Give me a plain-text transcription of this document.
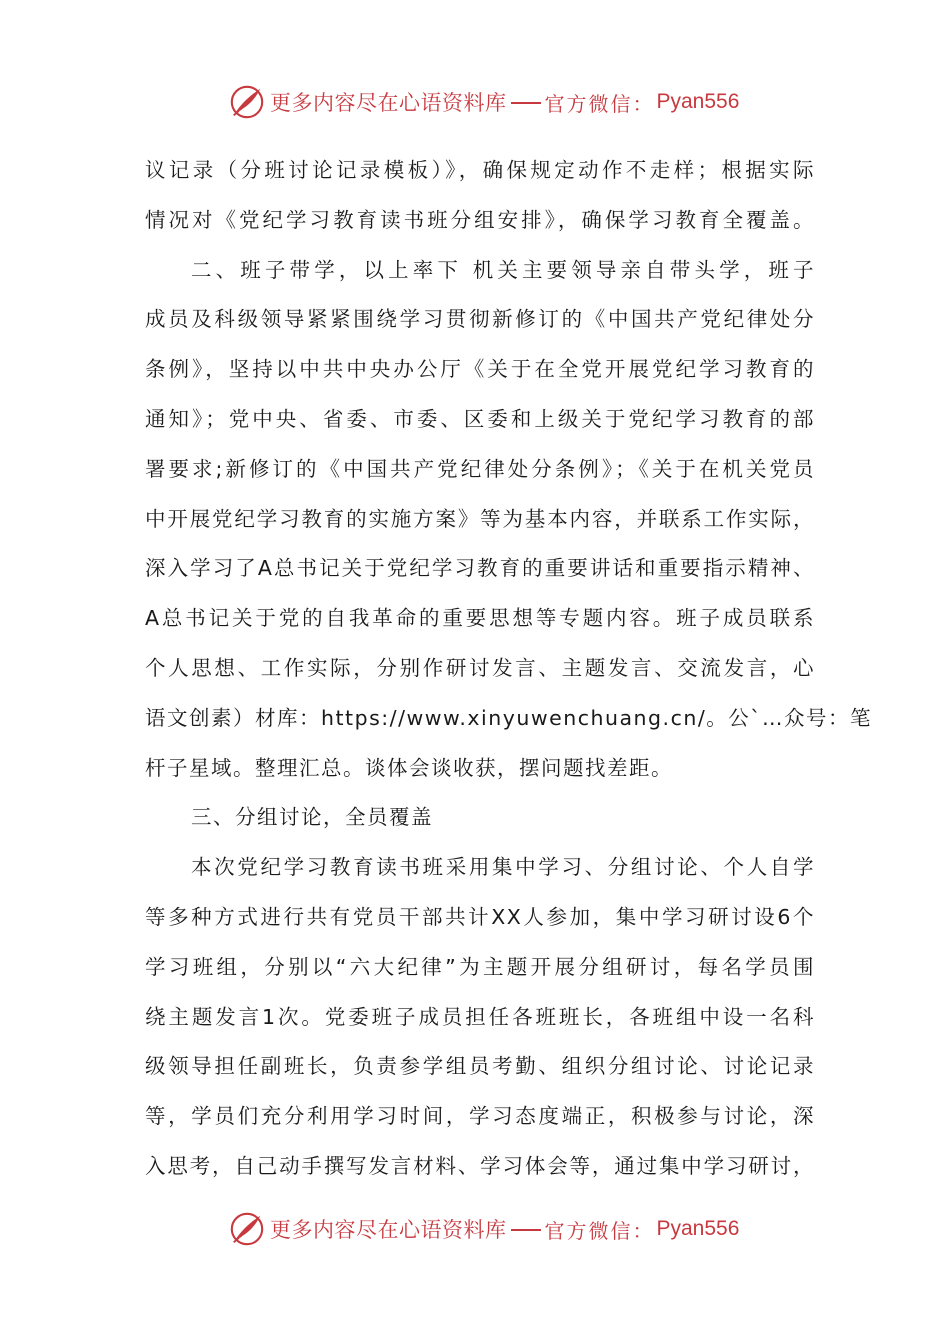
更多内容尽在心语资料库 官方微信： Pyan556
议记录（分班讨论记录模板）》，确保规定动作不走样；根据实际
情况对《党纪学习教育读书班分组安排》，确保学习教育全覆盖。
二、班子带学，以上率下 机关主要领导亲自带头学，班子
成员及科级领导紧紧围绕学习贯彻新修订的《中国共产党纪律处分
条例》，坚持以中共中央办公厅《关于在全党开展党纪学习教育的
通知》；党中央、省委、市委、区委和上级关于党纪学习教育的部
署要求;新修订的《中国共产党纪律处分条例》；《关于在机关党员
中开展党纪学习教育的实施方案》等为基本内容，并联系工作实际，
深入学习了A总书记关于党纪学习教育的重要讲话和重要指示精神、
A总书记关于党的自我革命的重要思想等专题内容。班子成员联系
个人思想、工作实际，分别作研讨发言、主题发言、交流发言，心
语文创素）材库：https://www.xinyuwenchuang.cn/。公`…众号：笔
杆子星域。整理汇总。谈体会谈收获，摆问题找差距。
三、分组讨论，全员覆盖
本次党纪学习教育读书班采用集中学习、分组讨论、个人自学
等多种方式进行共有党员干部共计XX人参加，集中学习研讨设6个
学习班组，分别以“六大纪律”为主题开展分组研讨，每名学员围
绕主题发言1次。党委班子成员担任各班班长，各班组中设一名科
级领导担任副班长，负责参学组员考勤、组织分组讨论、讨论记录
等，学员们充分利用学习时间，学习态度端正，积极参与讨论，深
入思考，自己动手撰写发言材料、学习体会等，通过集中学习研讨，
更多内容尽在心语资料库 官方微信： Pyan556
